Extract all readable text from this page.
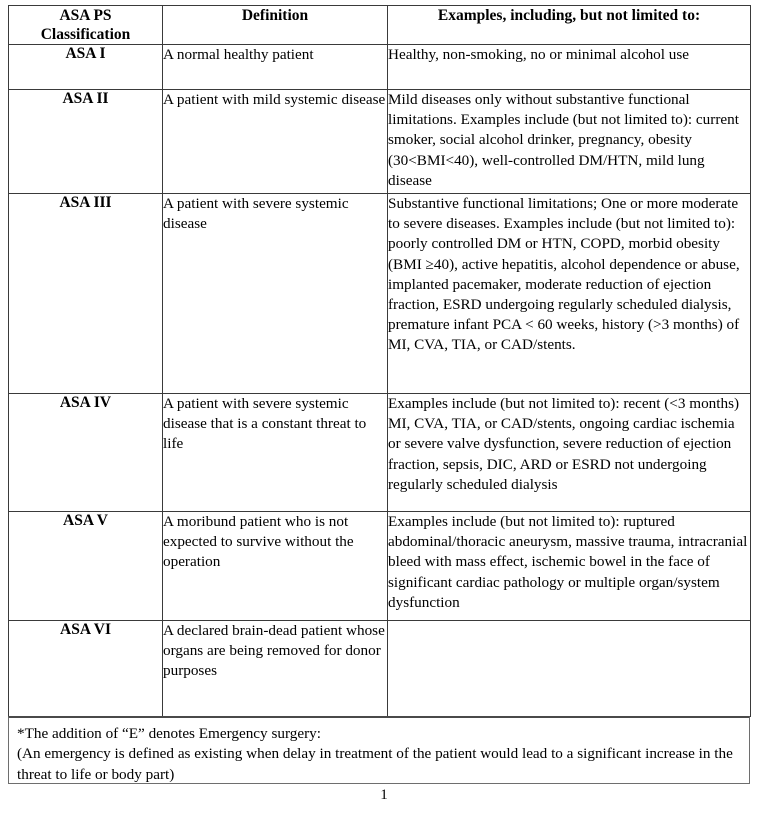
ASA PS
Classification	Definition	Examples, including, but not limited to:
ASA I	A normal healthy patient	Healthy, non-smoking, no or minimal alcohol use
ASA II	A patient with mild systemic disease	Mild diseases only without substantive functional limitations. Examples include (but not limited to): current smoker, social alcohol drinker, pregnancy, obesity (30<BMI<40), well-controlled DM/HTN, mild lung disease
ASA III	A patient with severe systemic disease	Substantive functional limitations; One or more moderate to severe diseases. Examples include (but not limited to): poorly controlled DM or HTN, COPD, morbid obesity (BMI ≥40), active hepatitis, alcohol dependence or abuse, implanted pacemaker, moderate reduction of ejection fraction, ESRD undergoing regularly scheduled dialysis, premature infant PCA < 60 weeks, history (>3 months) of MI, CVA, TIA, or CAD/stents.
ASA IV	A patient with severe systemic disease that is a constant threat to life	Examples include (but not limited to): recent (<3 months) MI, CVA, TIA, or CAD/stents, ongoing cardiac ischemia or severe valve dysfunction, severe reduction of ejection fraction, sepsis, DIC, ARD or ESRD not undergoing regularly scheduled dialysis
ASA V	A moribund patient who is not expected to survive without the operation	Examples include (but not limited to): ruptured abdominal/thoracic aneurysm, massive trauma, intracranial bleed with mass effect, ischemic bowel in the face of significant cardiac pathology or multiple organ/system dysfunction
ASA VI	A declared brain-dead patient whose organs are being removed for donor purposes	

*The addition of “E” denotes Emergency surgery:

(An emergency is defined as existing when delay in treatment of the patient would lead to a significant increase in the threat to life or body part)

1
